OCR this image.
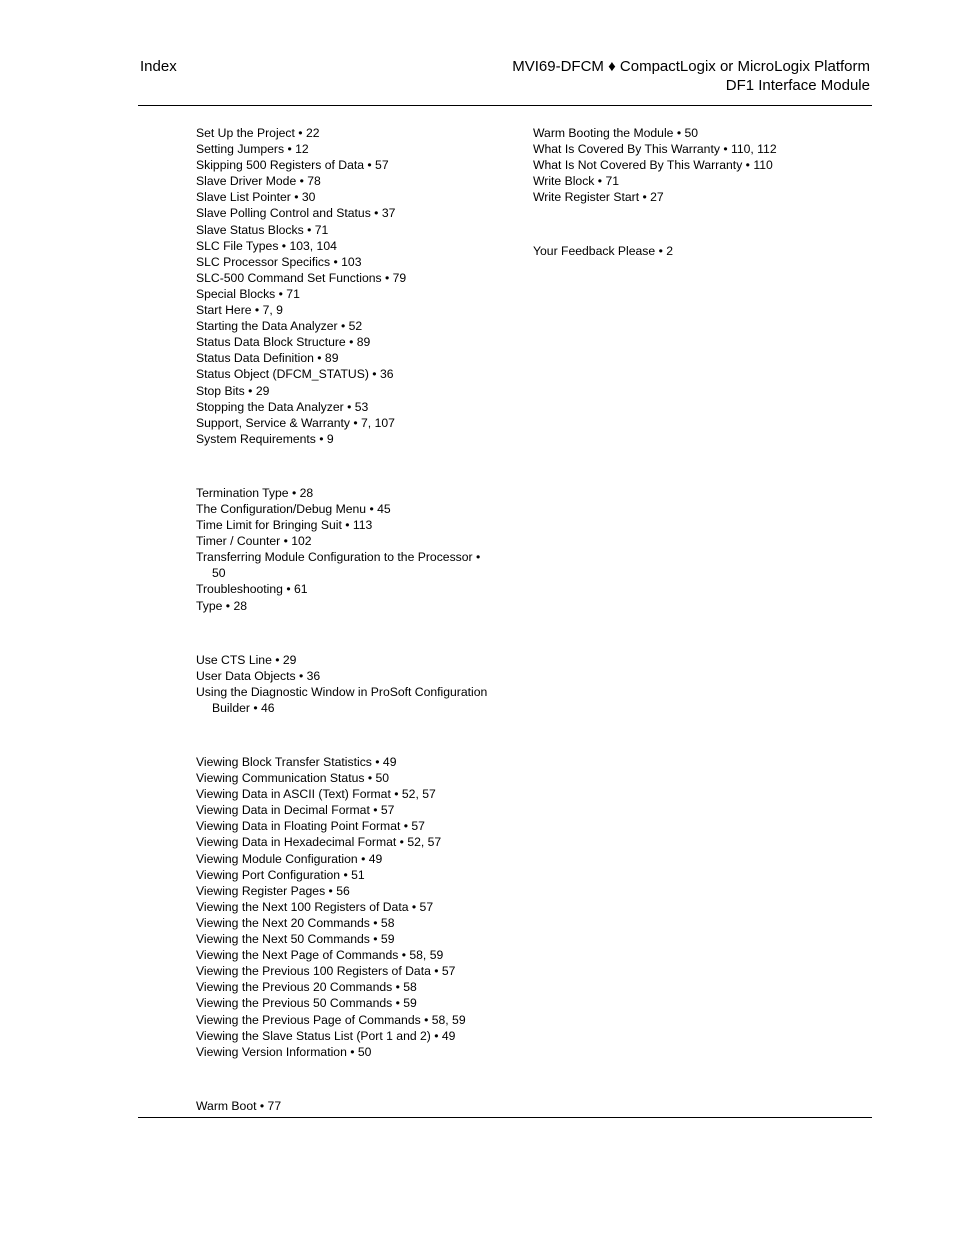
Index	MVI69-DFCM ♦ CompactLogix or MicroLogix Platform
DF1 Interface Module
Set Up the Project • 22
Setting Jumpers • 12
Skipping 500 Registers of Data • 57
Slave Driver Mode • 78
Slave List Pointer • 30
Slave Polling Control and Status • 37
Slave Status Blocks • 71
SLC File Types • 103, 104
SLC Processor Specifics • 103
SLC-500 Command Set Functions • 79
Special Blocks • 71
Start Here • 7, 9
Starting the Data Analyzer • 52
Status Data Block Structure • 89
Status Data Definition • 89
Status Object (DFCM_STATUS) • 36
Stop Bits • 29
Stopping the Data Analyzer • 53
Support, Service & Warranty • 7, 107
System Requirements • 9
Termination Type • 28
The Configuration/Debug Menu • 45
Time Limit for Bringing Suit • 113
Timer / Counter • 102
Transferring Module Configuration to the Processor • 50
Troubleshooting • 61
Type • 28
Use CTS Line • 29
User Data Objects • 36
Using the Diagnostic Window in ProSoft Configuration Builder • 46
Viewing Block Transfer Statistics • 49
Viewing Communication Status • 50
Viewing Data in ASCII (Text) Format • 52, 57
Viewing Data in Decimal Format • 57
Viewing Data in Floating Point Format • 57
Viewing Data in Hexadecimal Format • 52, 57
Viewing Module Configuration • 49
Viewing Port Configuration • 51
Viewing Register Pages • 56
Viewing the Next 100 Registers of Data • 57
Viewing the Next 20 Commands • 58
Viewing the Next 50 Commands • 59
Viewing the Next Page of Commands • 58, 59
Viewing the Previous 100 Registers of Data • 57
Viewing the Previous 20 Commands • 58
Viewing the Previous 50 Commands • 59
Viewing the Previous Page of Commands • 58, 59
Viewing the Slave Status List (Port 1 and 2) • 49
Viewing Version Information • 50
Warm Boot • 77
Warm Booting the Module • 50
What Is Covered By This Warranty • 110, 112
What Is Not Covered By This Warranty • 110
Write Block • 71
Write Register Start • 27
Your Feedback Please • 2
